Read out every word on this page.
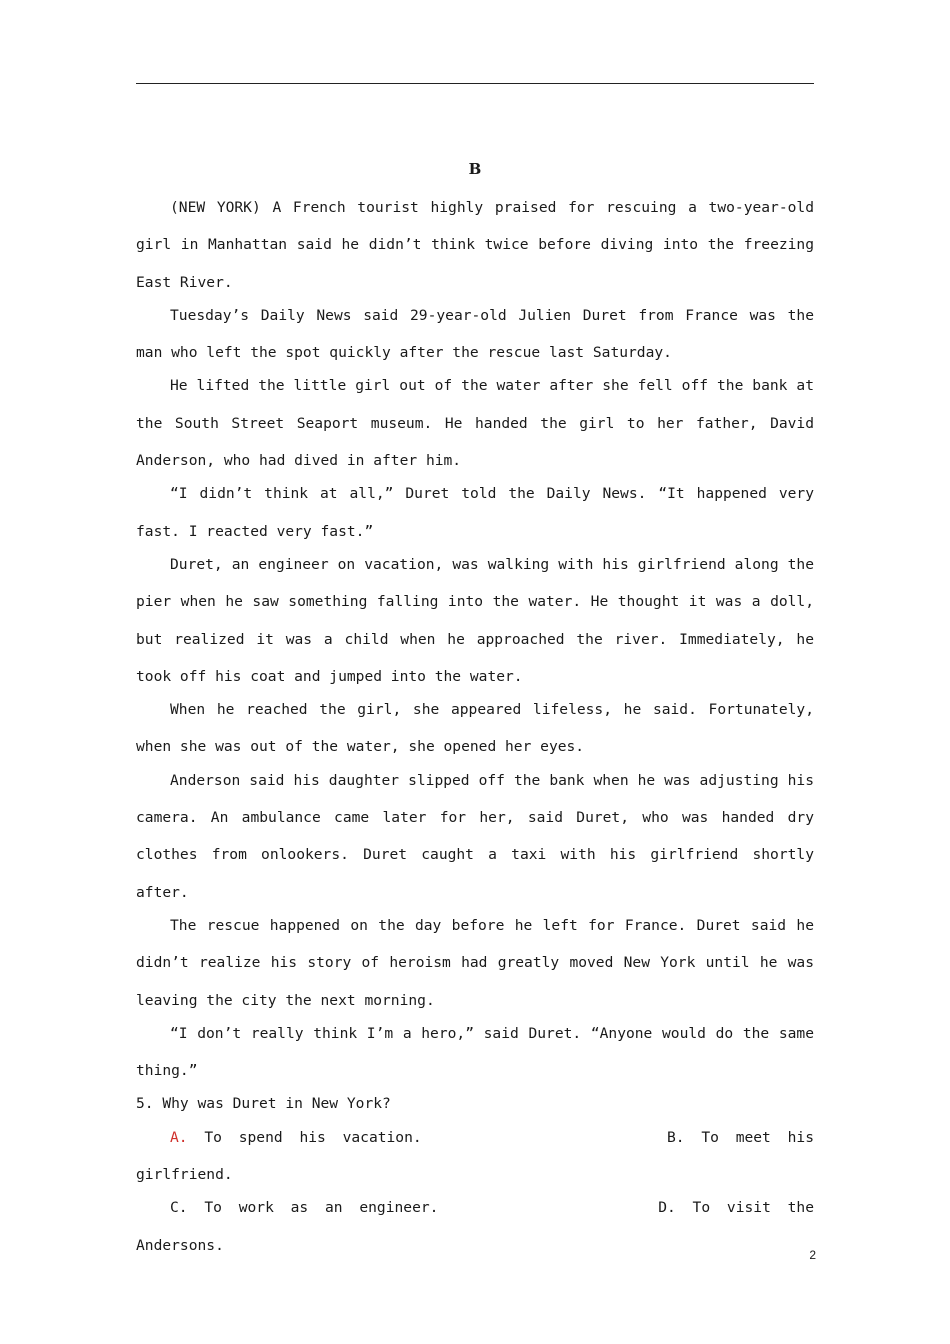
B

(NEW YORK) A French tourist highly praised for rescuing a two-year-old girl in Manhattan said he didn’t think twice before diving into the freezing East River.

Tuesday’s Daily News said 29-year-old Julien Duret from France was the man who left the spot quickly after the rescue last Saturday.

He lifted the little girl out of the water after she fell off the bank at the South Street Seaport museum. He handed the girl to her father, David Anderson, who had dived in after him.

“I didn’t think at all,” Duret told the Daily News. “It happened very fast. I reacted very fast.”

Duret, an engineer on vacation, was walking with his girlfriend along the pier when he saw something falling into the water. He thought it was a doll, but realized it was a child when he approached the river. Immediately, he took off his coat and jumped into the water.

When he reached the girl, she appeared lifeless, he said. Fortunately, when she was out of the water, she opened her eyes.

Anderson said his daughter slipped off the bank when he was adjusting his camera. An ambulance came later for her, said Duret, who was handed dry clothes from onlookers. Duret caught a taxi with his girlfriend shortly after.

The rescue happened on the day before he left for France. Duret said he didn’t realize his story of heroism had greatly moved New York until he was leaving the city the next morning.

“I don’t really think I’m a hero,” said Duret. “Anyone would do the same thing.”

5. Why was Duret in New York?

A. To spend his vacation.	B. To meet his

girlfriend.

C. To work as an engineer.	D. To visit the

Andersons.

2
